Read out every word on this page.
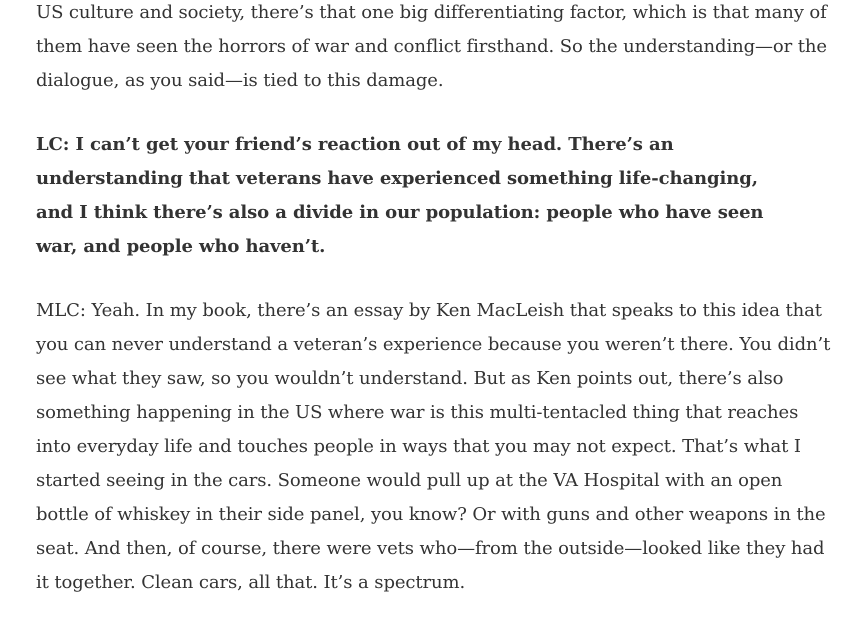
US culture and society, there’s that one big differentiating factor, which is that many of
them have seen the horrors of war and conflict firsthand. So the understanding—or the
dialogue, as you said—is tied to this damage.

LC: I can’t get your friend’s reaction out of my head. There’s an
understanding that veterans have experienced something life-changing,
and I think there’s also a divide in our population: people who have seen
war, and people who haven’t.

MLC: Yeah. In my book, there’s an essay by Ken MacLeish that speaks to this idea that
you can never understand a veteran’s experience because you weren’t there. You didn’t
see what they saw, so you wouldn’t understand. But as Ken points out, there’s also
something happening in the US where war is this multi-tentacled thing that reaches
into everyday life and touches people in ways that you may not expect. That’s what I
started seeing in the cars. Someone would pull up at the VA Hospital with an open
bottle of whiskey in their side panel, you know? Or with guns and other weapons in the
seat. And then, of course, there were vets who—from the outside—looked like they had
it together. Clean cars, all that. It’s a spectrum.
